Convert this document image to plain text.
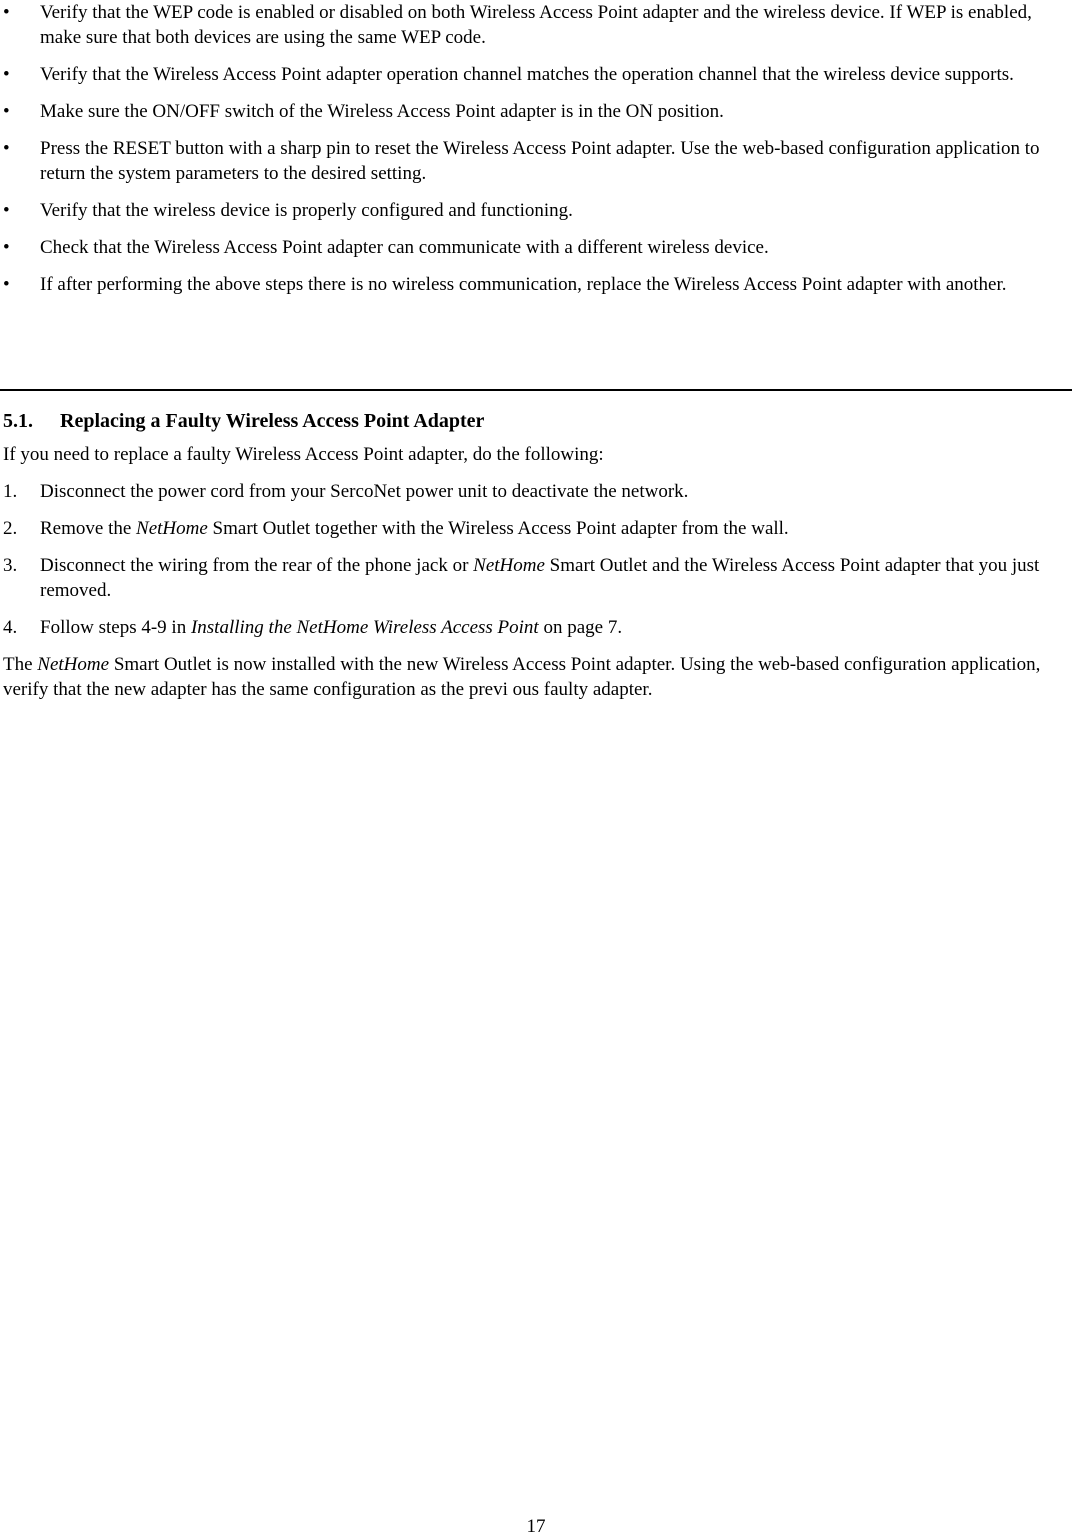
• Verify that the WEP code is enabled or disabled on both Wireless Access Point adapter and the wireless device. If WEP is enabled, make sure that both devices are using the same WEP code.
• Verify that the Wireless Access Point adapter operation channel matches the operation channel that the wireless device supports.
• Make sure the ON/OFF switch of the Wireless Access Point adapter is in the ON position.
• Press the RESET button with a sharp pin to reset the Wireless Access Point adapter. Use the web-based configuration application to return the system parameters to the desired setting.
• Verify that the wireless device is properly configured and functioning.
• Check that the Wireless Access Point adapter can communicate with a different wireless device.
• If after performing the above steps there is no wireless communication, replace the Wireless Access Point adapter with another.
5.1.	Replacing a Faulty Wireless Access Point Adapter
If you need to replace a faulty Wireless Access Point adapter, do the following:
1. Disconnect the power cord from your SercoNet power unit to deactivate the network.
2. Remove the NetHome Smart Outlet together with the Wireless Access Point adapter from the wall.
3. Disconnect the wiring from the rear of the phone jack or NetHome Smart Outlet and the Wireless Access Point adapter that you just removed.
4. Follow steps 4-9 in Installing the NetHome Wireless Access Point on page 7.
The NetHome Smart Outlet is now installed with the new Wireless Access Point adapter. Using the web-based configuration application, verify that the new adapter has the same configuration as the previ ous faulty adapter.
17
